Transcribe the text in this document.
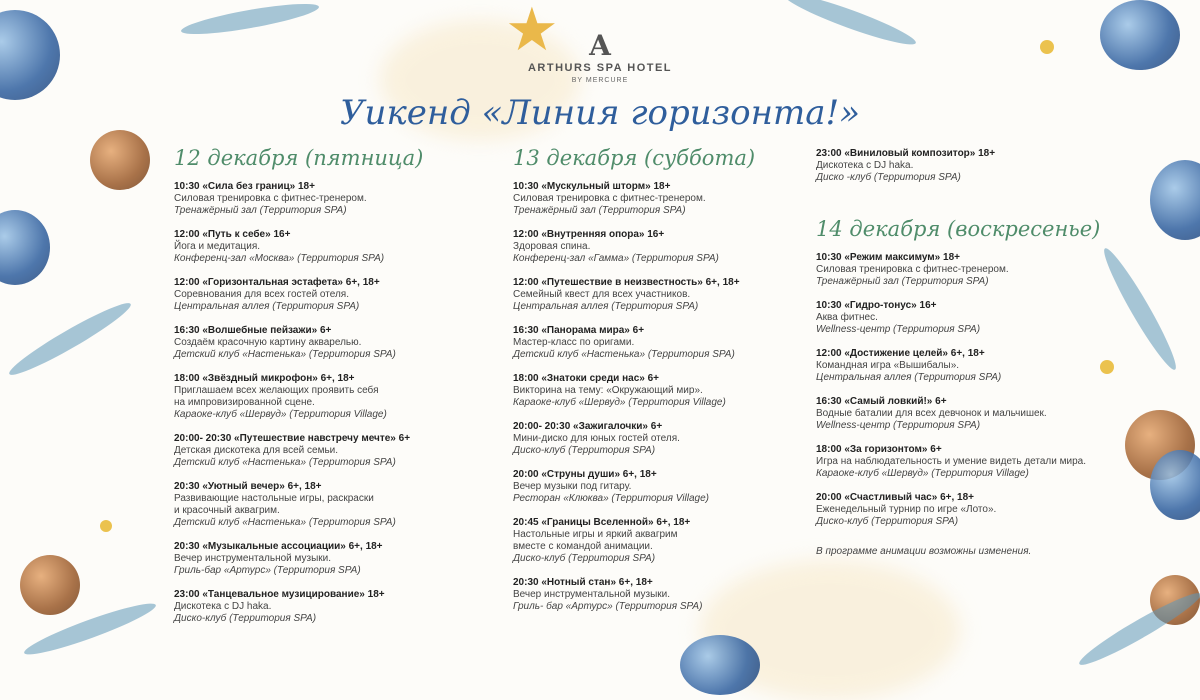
★	A
ARTHURS SPA HOTEL
BY MERCURE
Уикенд «Линия горизонта!»
12 декабря (пятница)
10:30 «Сила без границ» 18+
Силовая тренировка с фитнес-тренером.
Тренажёрный зал (Территория SPA)
12:00 «Путь к себе» 16+
Йога и медитация.
Конференц-зал «Москва» (Территория SPA)
12:00 «Горизонтальная эстафета» 6+, 18+
Соревнования для всех гостей отеля.
Центральная аллея (Территория SPA)
16:30 «Волшебные пейзажи» 6+
Создаём красочную картину акварелью.
Детский клуб «Настенька» (Территория SPA)
18:00 «Звёздный микрофон» 6+, 18+
Приглашаем всех желающих проявить себя
на импровизированной сцене.
Караоке-клуб «Шервуд» (Территория Village)
20:00- 20:30 «Путешествие навстречу мечте» 6+
Детская дискотека для всей семьи.
Детский клуб «Настенька» (Территория SPA)
20:30 «Уютный вечер» 6+, 18+
Развивающие настольные игры, раскраски
и красочный аквагрим.
Детский клуб «Настенька» (Территория SPA)
20:30 «Музыкальные ассоциации» 6+, 18+
Вечер инструментальной музыки.
Гриль-бар «Артурс» (Территория SPA)
23:00 «Танцевальное музицирование» 18+
Дискотека с DJ haka.
Диско-клуб (Территория SPA)
13 декабря (суббота)
10:30 «Мускульный шторм» 18+
Силовая тренировка с фитнес-тренером.
Тренажёрный зал (Территория SPA)
12:00 «Внутренняя опора» 16+
Здоровая спина.
Конференц-зал «Гамма» (Территория SPA)
12:00 «Путешествие в неизвестность» 6+, 18+
Семейный квест для всех участников.
Центральная аллея (Территория SPA)
16:30 «Панорама мира» 6+
Мастер-класс по оригами.
Детский клуб «Настенька» (Территория SPA)
18:00 «Знатоки среди нас» 6+
Викторина на тему: «Окружающий мир».
Караоке-клуб «Шервуд» (Территория Village)
20:00- 20:30 «Зажигалочки» 6+
Мини-диско для юных гостей отеля.
Диско-клуб (Территория SPA)
20:00 «Струны души» 6+, 18+
Вечер музыки под гитару.
Ресторан «Клюква» (Территория Village)
20:45 «Границы Вселенной» 6+, 18+
Настольные игры и яркий аквагрим
вместе с командой анимации.
Диско-клуб (Территория SPA)
20:30 «Нотный стан» 6+, 18+
Вечер инструментальной музыки.
Гриль- бар «Артурс» (Территория SPA)
23:00 «Виниловый композитор» 18+
Дискотека с DJ haka.
Диско -клуб (Территория SPA)
14 декабря (воскресенье)
10:30 «Режим максимум» 18+
Силовая тренировка с фитнес-тренером.
Тренажёрный зал (Территория SPA)
10:30 «Гидро-тонус» 16+
Аква фитнес.
Wellness-центр (Территория SPA)
12:00 «Достижение целей» 6+, 18+
Командная игра «Вышибалы».
Центральная аллея (Территория SPA)
16:30 «Самый ловкий!» 6+
Водные баталии для всех девчонок и мальчишек.
Wellness-центр (Территория SPA)
18:00 «За горизонтом» 6+
Игра на наблюдательность и умение видеть детали мира.
Караоке-клуб «Шервуд» (Территория Village)
20:00 «Счастливый час» 6+, 18+
Еженедельный турнир по игре «Лото».
Диско-клуб (Территория SPA)
В программе анимации возможны изменения.
